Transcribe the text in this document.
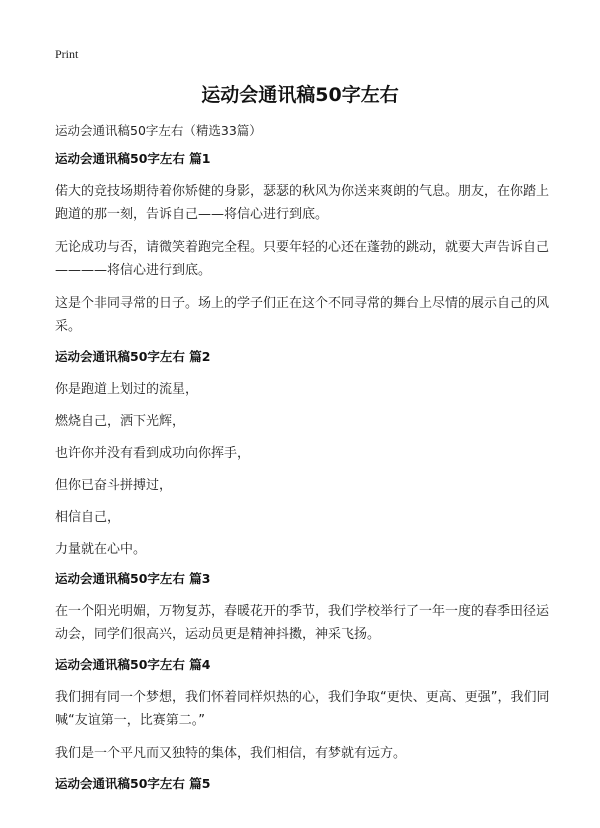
Print
运动会通讯稿50字左右
运动会通讯稿50字左右（精选33篇）
运动会通讯稿50字左右 篇1

偌大的竞技场期待着你矫健的身影，瑟瑟的秋风为你送来爽朗的气息。朋友，在你踏上跑道的那一刻，告诉自己——将信心进行到底。

无论成功与否，请微笑着跑完全程。只要年轻的心还在蓬勃的跳动，就要大声告诉自己————将信心进行到底。

这是个非同寻常的日子。场上的学子们正在这个不同寻常的舞台上尽情的展示自己的风采。

运动会通讯稿50字左右 篇2

你是跑道上划过的流星，

燃烧自己，洒下光辉，

也许你并没有看到成功向你挥手，

但你已奋斗拼搏过，

相信自己，

力量就在心中。

运动会通讯稿50字左右 篇3

在一个阳光明媚，万物复苏，春暖花开的季节，我们学校举行了一年一度的春季田径运动会，同学们很高兴，运动员更是精神抖擞，神采飞扬。

运动会通讯稿50字左右 篇4

我们拥有同一个梦想，我们怀着同样炽热的心，我们争取“更快、更高、更强”，我们同喊“友谊第一，比赛第二。”

我们是一个平凡而又独特的集体，我们相信，有梦就有远方。

运动会通讯稿50字左右 篇5
